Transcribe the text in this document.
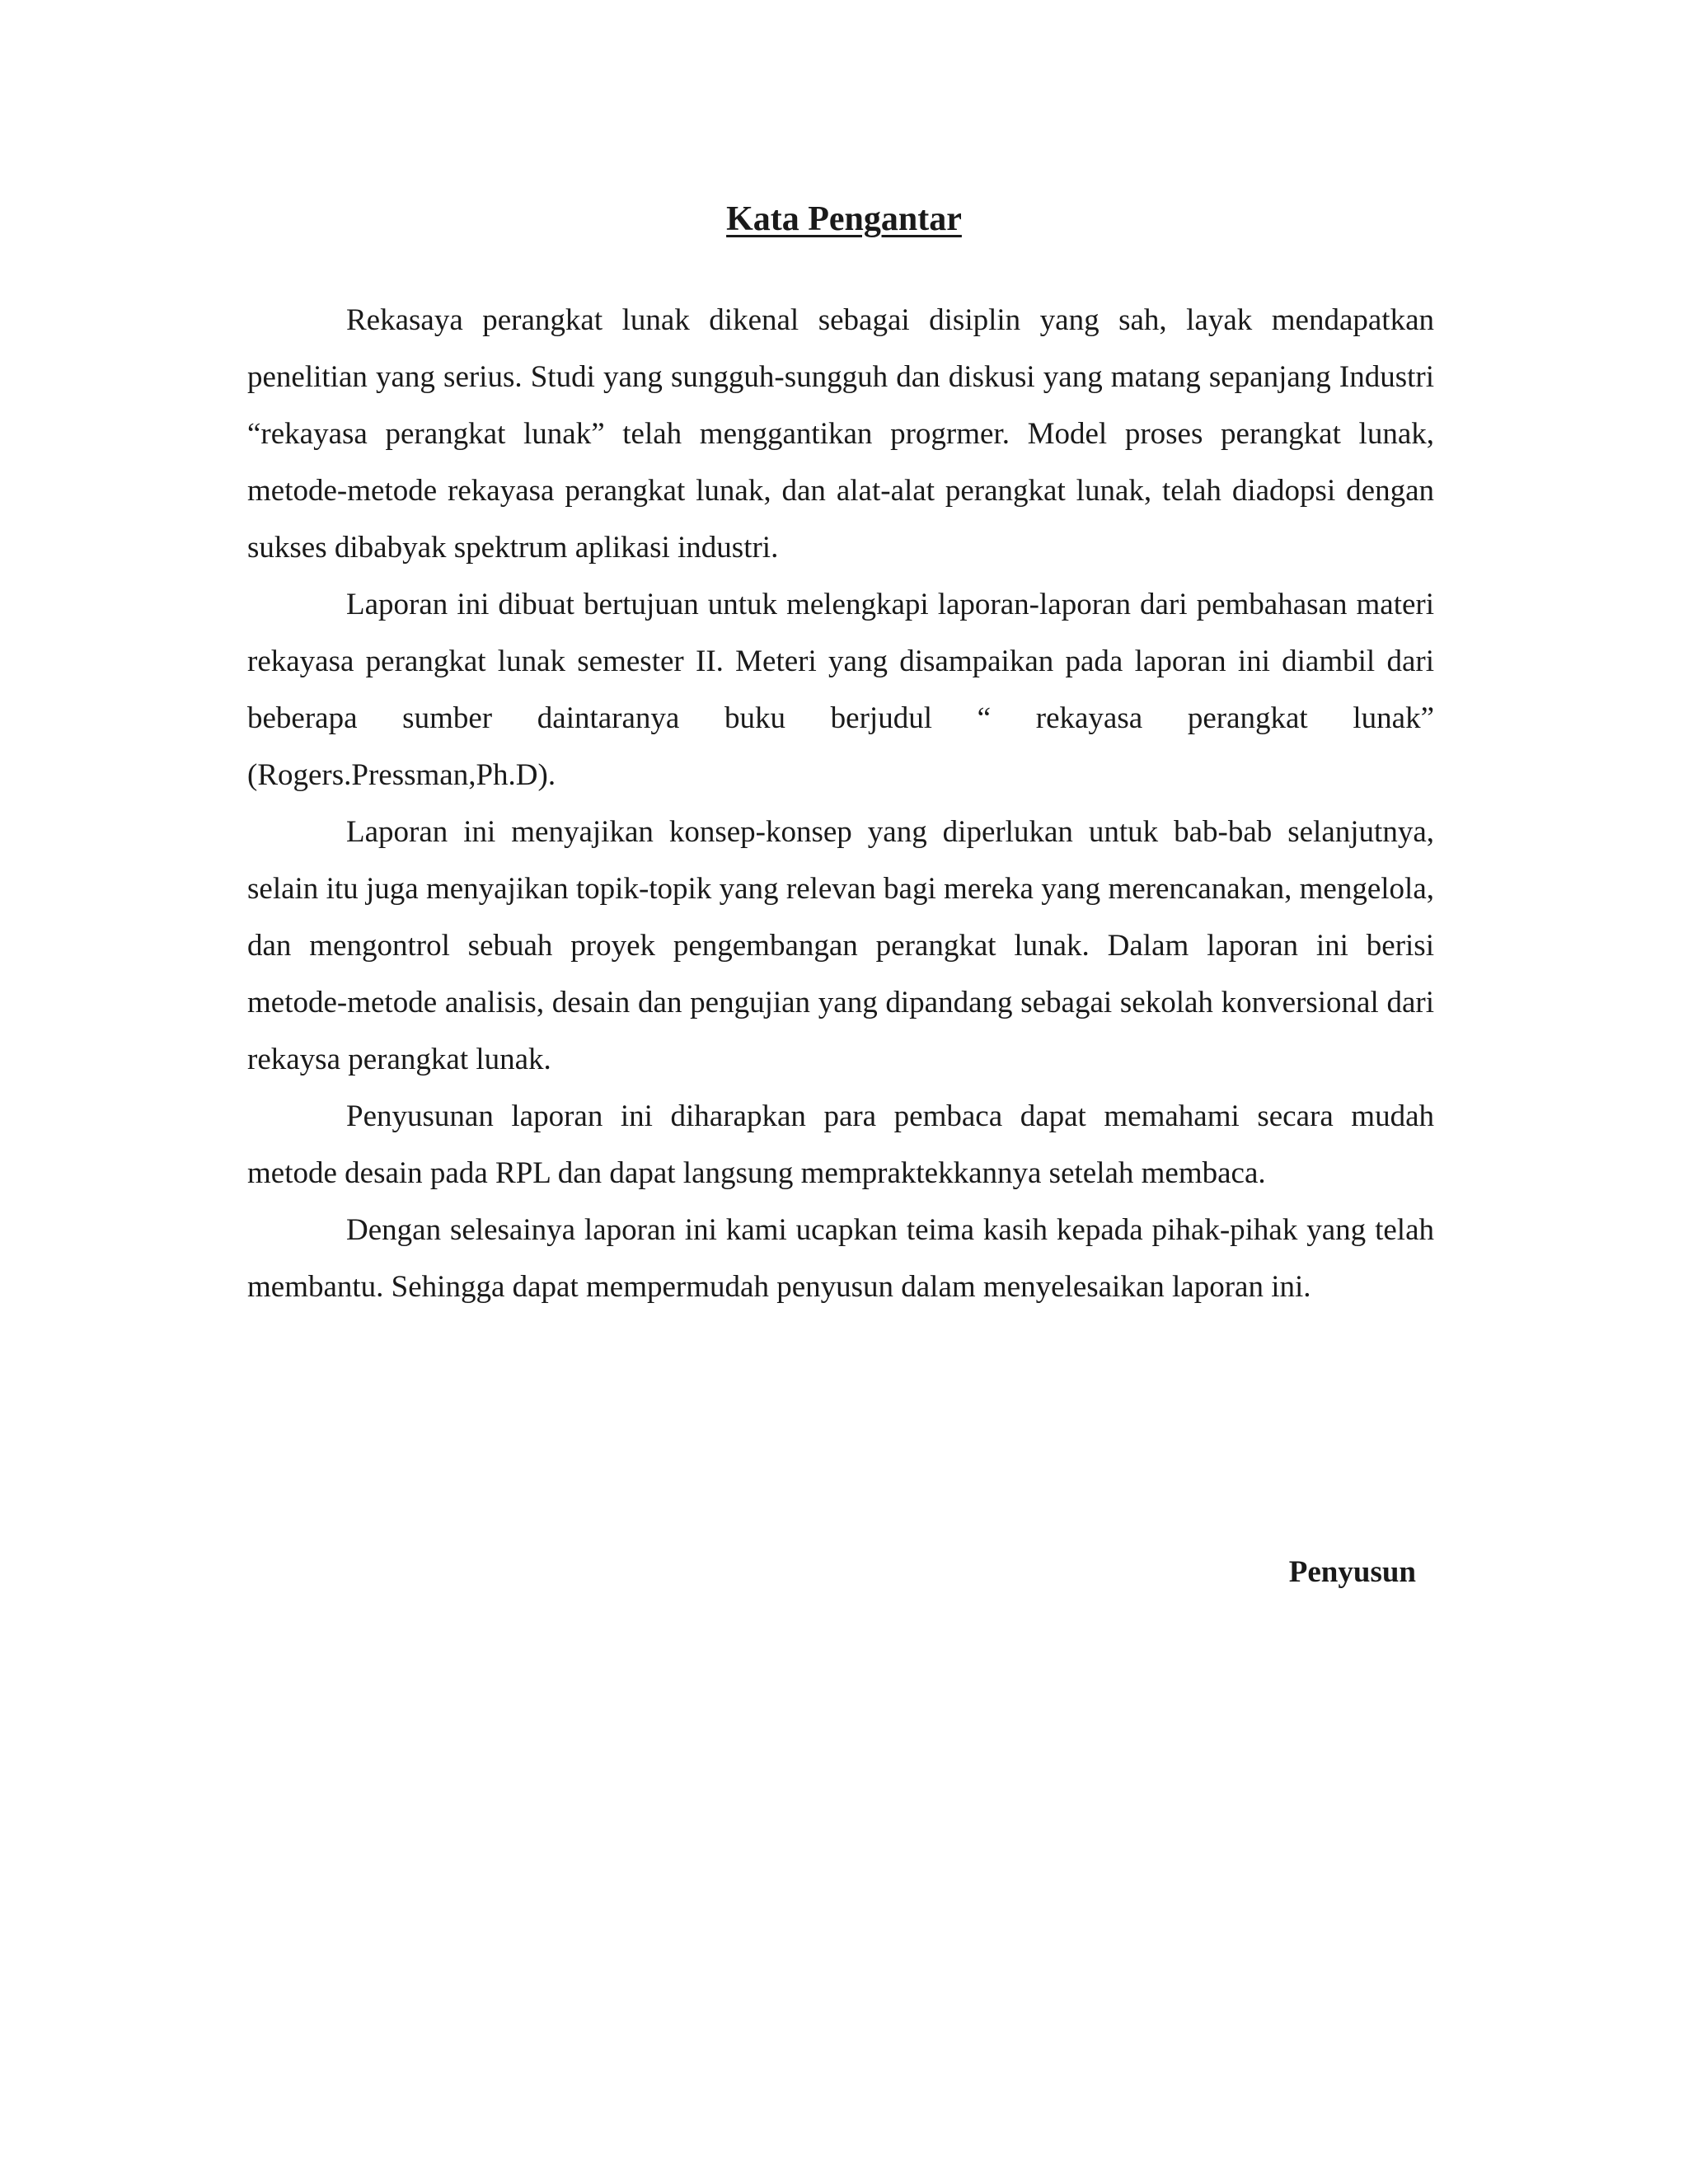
Kata Pengantar

Rekasaya perangkat lunak dikenal sebagai disiplin yang sah, layak mendapatkan penelitian yang serius. Studi yang sungguh-sungguh dan diskusi yang matang sepanjang Industri “rekayasa perangkat lunak” telah menggantikan progrmer. Model proses perangkat lunak, metode-metode rekayasa perangkat lunak, dan alat-alat perangkat lunak, telah diadopsi dengan sukses dibabyak spektrum aplikasi industri.

Laporan ini dibuat bertujuan untuk melengkapi laporan-laporan dari pembahasan materi rekayasa perangkat lunak semester II. Meteri yang disampaikan pada laporan ini diambil dari beberapa sumber daintaranya buku berjudul “ rekayasa perangkat lunak” (Rogers.Pressman,Ph.D).

Laporan ini menyajikan konsep-konsep yang diperlukan untuk bab-bab selanjutnya, selain itu juga menyajikan topik-topik yang relevan bagi mereka yang merencanakan, mengelola, dan mengontrol sebuah proyek pengembangan perangkat lunak. Dalam laporan ini berisi metode-metode analisis, desain dan pengujian yang dipandang sebagai sekolah konversional dari rekaysa perangkat lunak.

Penyusunan laporan ini diharapkan para pembaca dapat memahami secara mudah metode desain pada RPL dan dapat langsung mempraktekkannya setelah membaca.

Dengan selesainya laporan ini kami ucapkan teima kasih kepada pihak-pihak yang telah membantu. Sehingga dapat mempermudah penyusun dalam menyelesaikan laporan ini.

Penyusun
